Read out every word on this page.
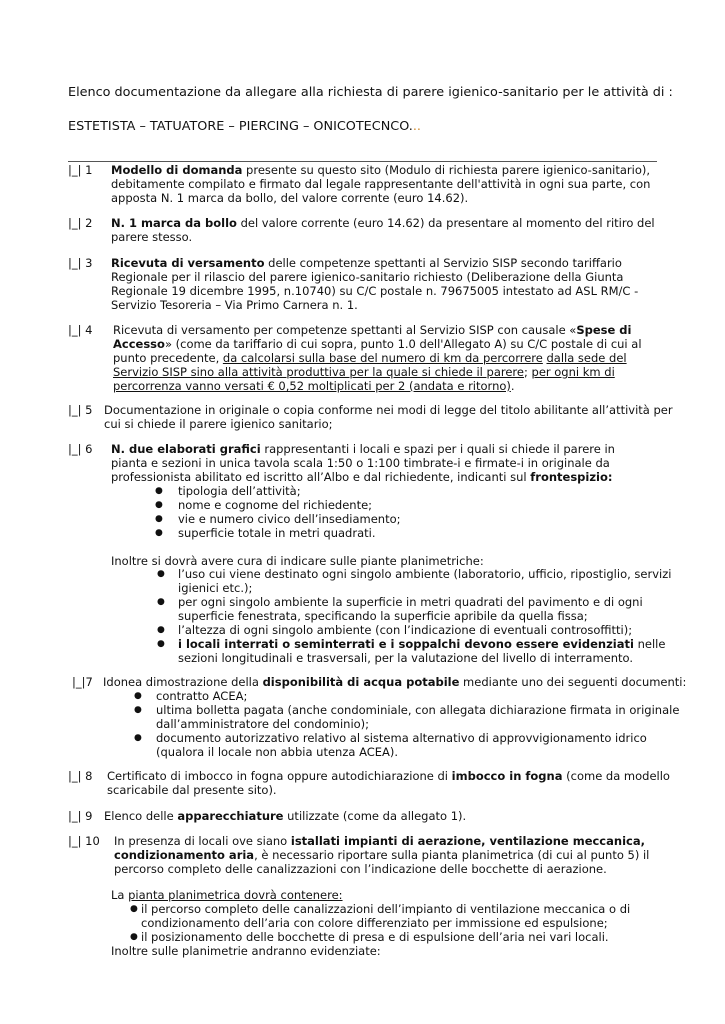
Elenco documentazione da allegare alla richiesta di parere igienico-sanitario per le attività di :
ESTETISTA – TATUATORE – PIERCING – ONICOTECNCO...
|_| 1 Modello di domanda presente su questo sito (Modulo di richiesta parere igienico-sanitario),
debitamente compilato e firmato dal legale rappresentante dell'attività in ogni sua parte, con
apposta N. 1 marca da bollo, del valore corrente (euro 14.62).
|_| 2 N. 1 marca da bollo del valore corrente (euro 14.62) da presentare al momento del ritiro del
parere stesso.
|_| 3 Ricevuta di versamento delle competenze spettanti al Servizio SISP secondo tariffario
Regionale per il rilascio del parere igienico-sanitario richiesto (Deliberazione della Giunta
Regionale 19 dicembre 1995, n.10740) su C/C postale n. 79675005 intestato ad ASL RM/C -
Servizio Tesoreria – Via Primo Carnera n. 1.
|_| 4 Ricevuta di versamento per competenze spettanti al Servizio SISP con causale «Spese di
Accesso» (come da tariffario di cui sopra, punto 1.0 dell'Allegato A) su C/C postale di cui al
punto precedente, da calcolarsi sulla base del numero di km da percorrere dalla sede del
Servizio SISP sino alla attività produttiva per la quale si chiede il parere; per ogni km di
percorrenza vanno versati € 0,52 moltiplicati per 2 (andata e ritorno).
|_| 5 Documentazione in originale o copia conforme nei modi di legge del titolo abilitante all’attività per
cui si chiede il parere igienico sanitario;
|_| 6 N. due elaborati grafici rappresentanti i locali e spazi per i quali si chiede il parere in
pianta e sezioni in unica tavola scala 1:50 o 1:100 timbrate-i e firmate-i in originale da
professionista abilitato ed iscritto all’Albo e dal richiedente, indicanti sul frontespizio:
● tipologia dell’attività;
● nome e cognome del richiedente;
● vie e numero civico dell’insediamento;
● superficie totale in metri quadrati.
Inoltre si dovrà avere cura di indicare sulle piante planimetriche:
● l’uso cui viene destinato ogni singolo ambiente (laboratorio, ufficio, ripostiglio, servizi
igienici etc.);
● per ogni singolo ambiente la superficie in metri quadrati del pavimento e di ogni
superficie fenestrata, specificando la superficie apribile da quella fissa;
● l’altezza di ogni singolo ambiente (con l’indicazione di eventuali controsoffitti);
● i locali interrati o seminterrati e i soppalchi devono essere evidenziati nelle
sezioni longitudinali e trasversali, per la valutazione del livello di interramento.
|_|7 Idonea dimostrazione della disponibilità di acqua potabile mediante uno dei seguenti documenti:
● contratto ACEA;
● ultima bolletta pagata (anche condominiale, con allegata dichiarazione firmata in originale
dall’amministratore del condominio);
● documento autorizzativo relativo al sistema alternativo di approvvigionamento idrico
(qualora il locale non abbia utenza ACEA).
|_| 8 Certificato di imbocco in fogna oppure autodichiarazione di imbocco in fogna (come da modello
scaricabile dal presente sito).
|_| 9 Elenco delle apparecchiature utilizzate (come da allegato 1).
|_| 10 In presenza di locali ove siano istallati impianti di aerazione, ventilazione meccanica,
condizionamento aria, è necessario riportare sulla pianta planimetrica (di cui al punto 5) il
percorso completo delle canalizzazioni con l’indicazione delle bocchette di aerazione.
La pianta planimetrica dovrà contenere:
● il percorso completo delle canalizzazioni dell’impianto di ventilazione meccanica o di
condizionamento dell’aria con colore differenziato per immissione ed espulsione;
● il posizionamento delle bocchette di presa e di espulsione dell’aria nei vari locali.
Inoltre sulle planimetrie andranno evidenziate:
